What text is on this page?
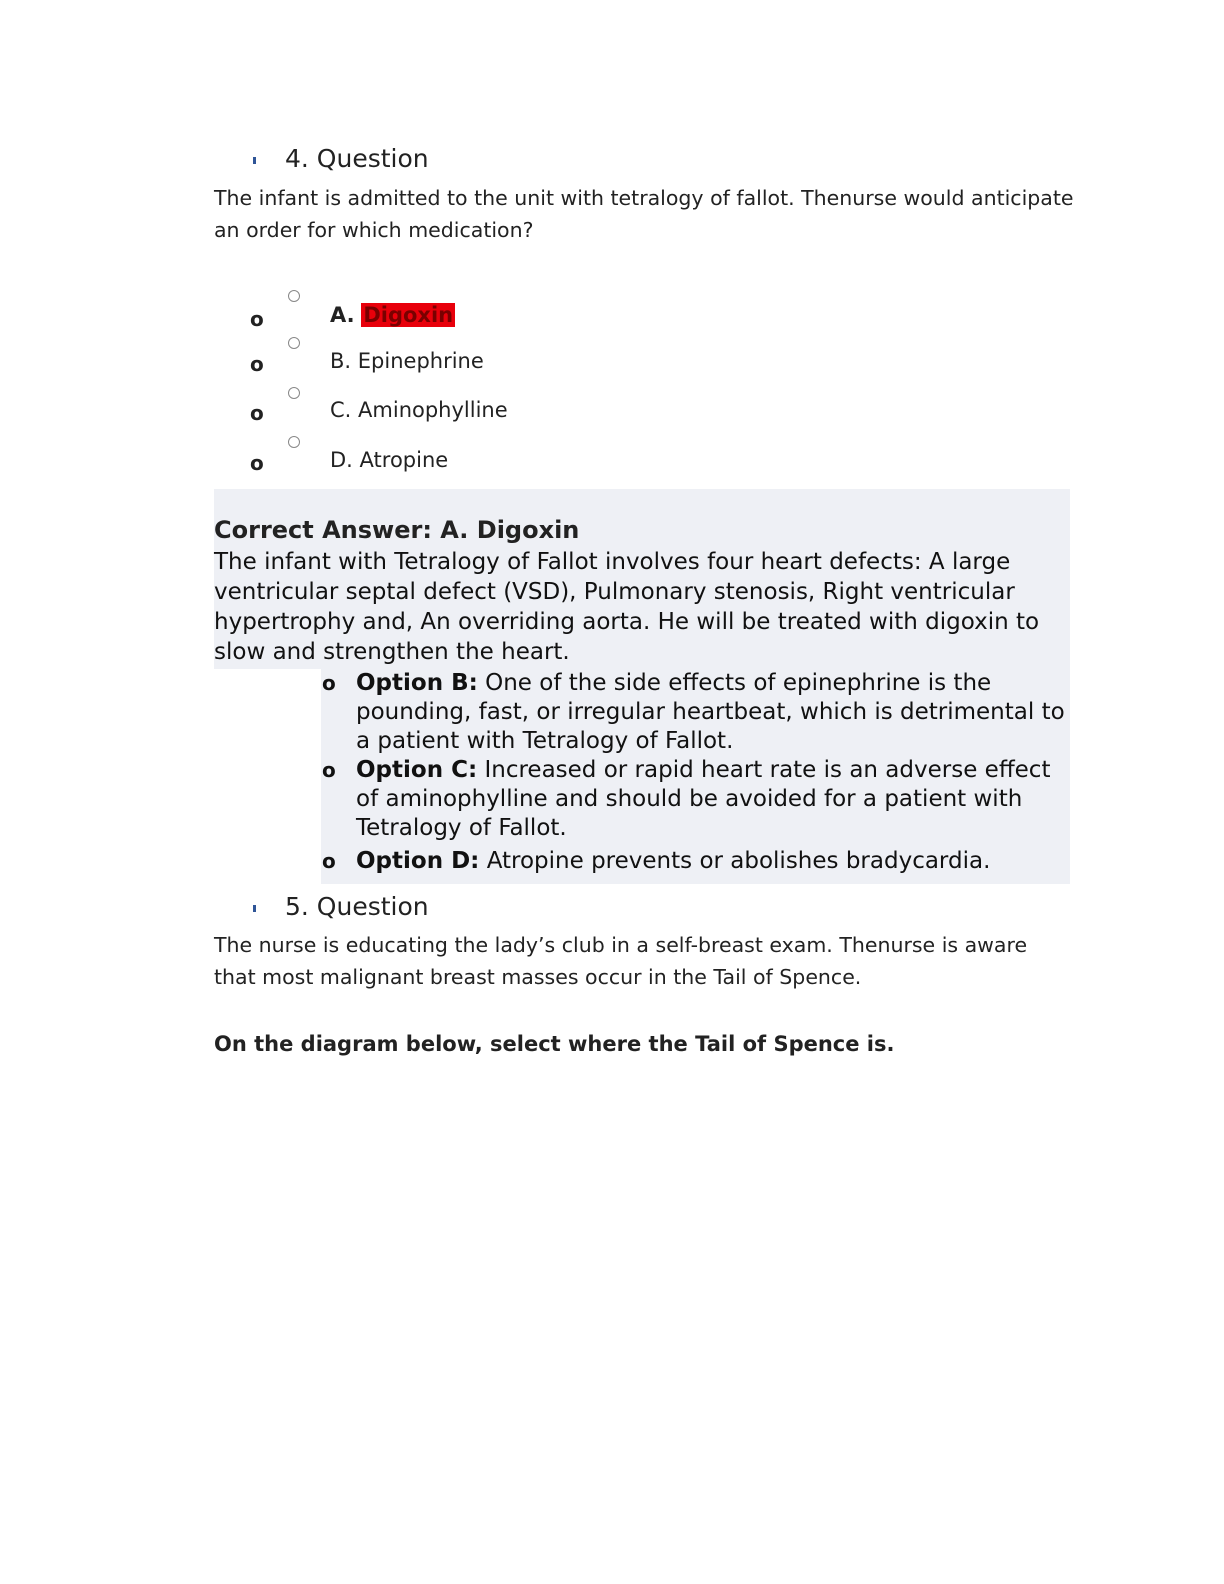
4. Question
The infant is admitted to the unit with tetralogy of fallot. Thenurse would anticipate an order for which medication?
o	A. Digoxin
o	B. Epinephrine
o	C. Aminophylline
o	D. Atropine
Correct Answer: A. Digoxin
The infant with Tetralogy of Fallot involves four heart defects: A large ventricular septal defect (VSD), Pulmonary stenosis, Right ventricular hypertrophy and, An overriding aorta. He will be treated with digoxin to slow and strengthen the heart.
o Option B: One of the side effects of epinephrine is the pounding, fast, or irregular heartbeat, which is detrimental to a patient with Tetralogy of Fallot.
o Option C: Increased or rapid heart rate is an adverse effect of aminophylline and should be avoided for a patient with Tetralogy of Fallot.
o Option D: Atropine prevents or abolishes bradycardia.
5. Question
The nurse is educating the lady’s club in a self-breast exam. Thenurse is aware that most malignant breast masses occur in the Tail of Spence.
On the diagram below, select where the Tail of Spence is.
